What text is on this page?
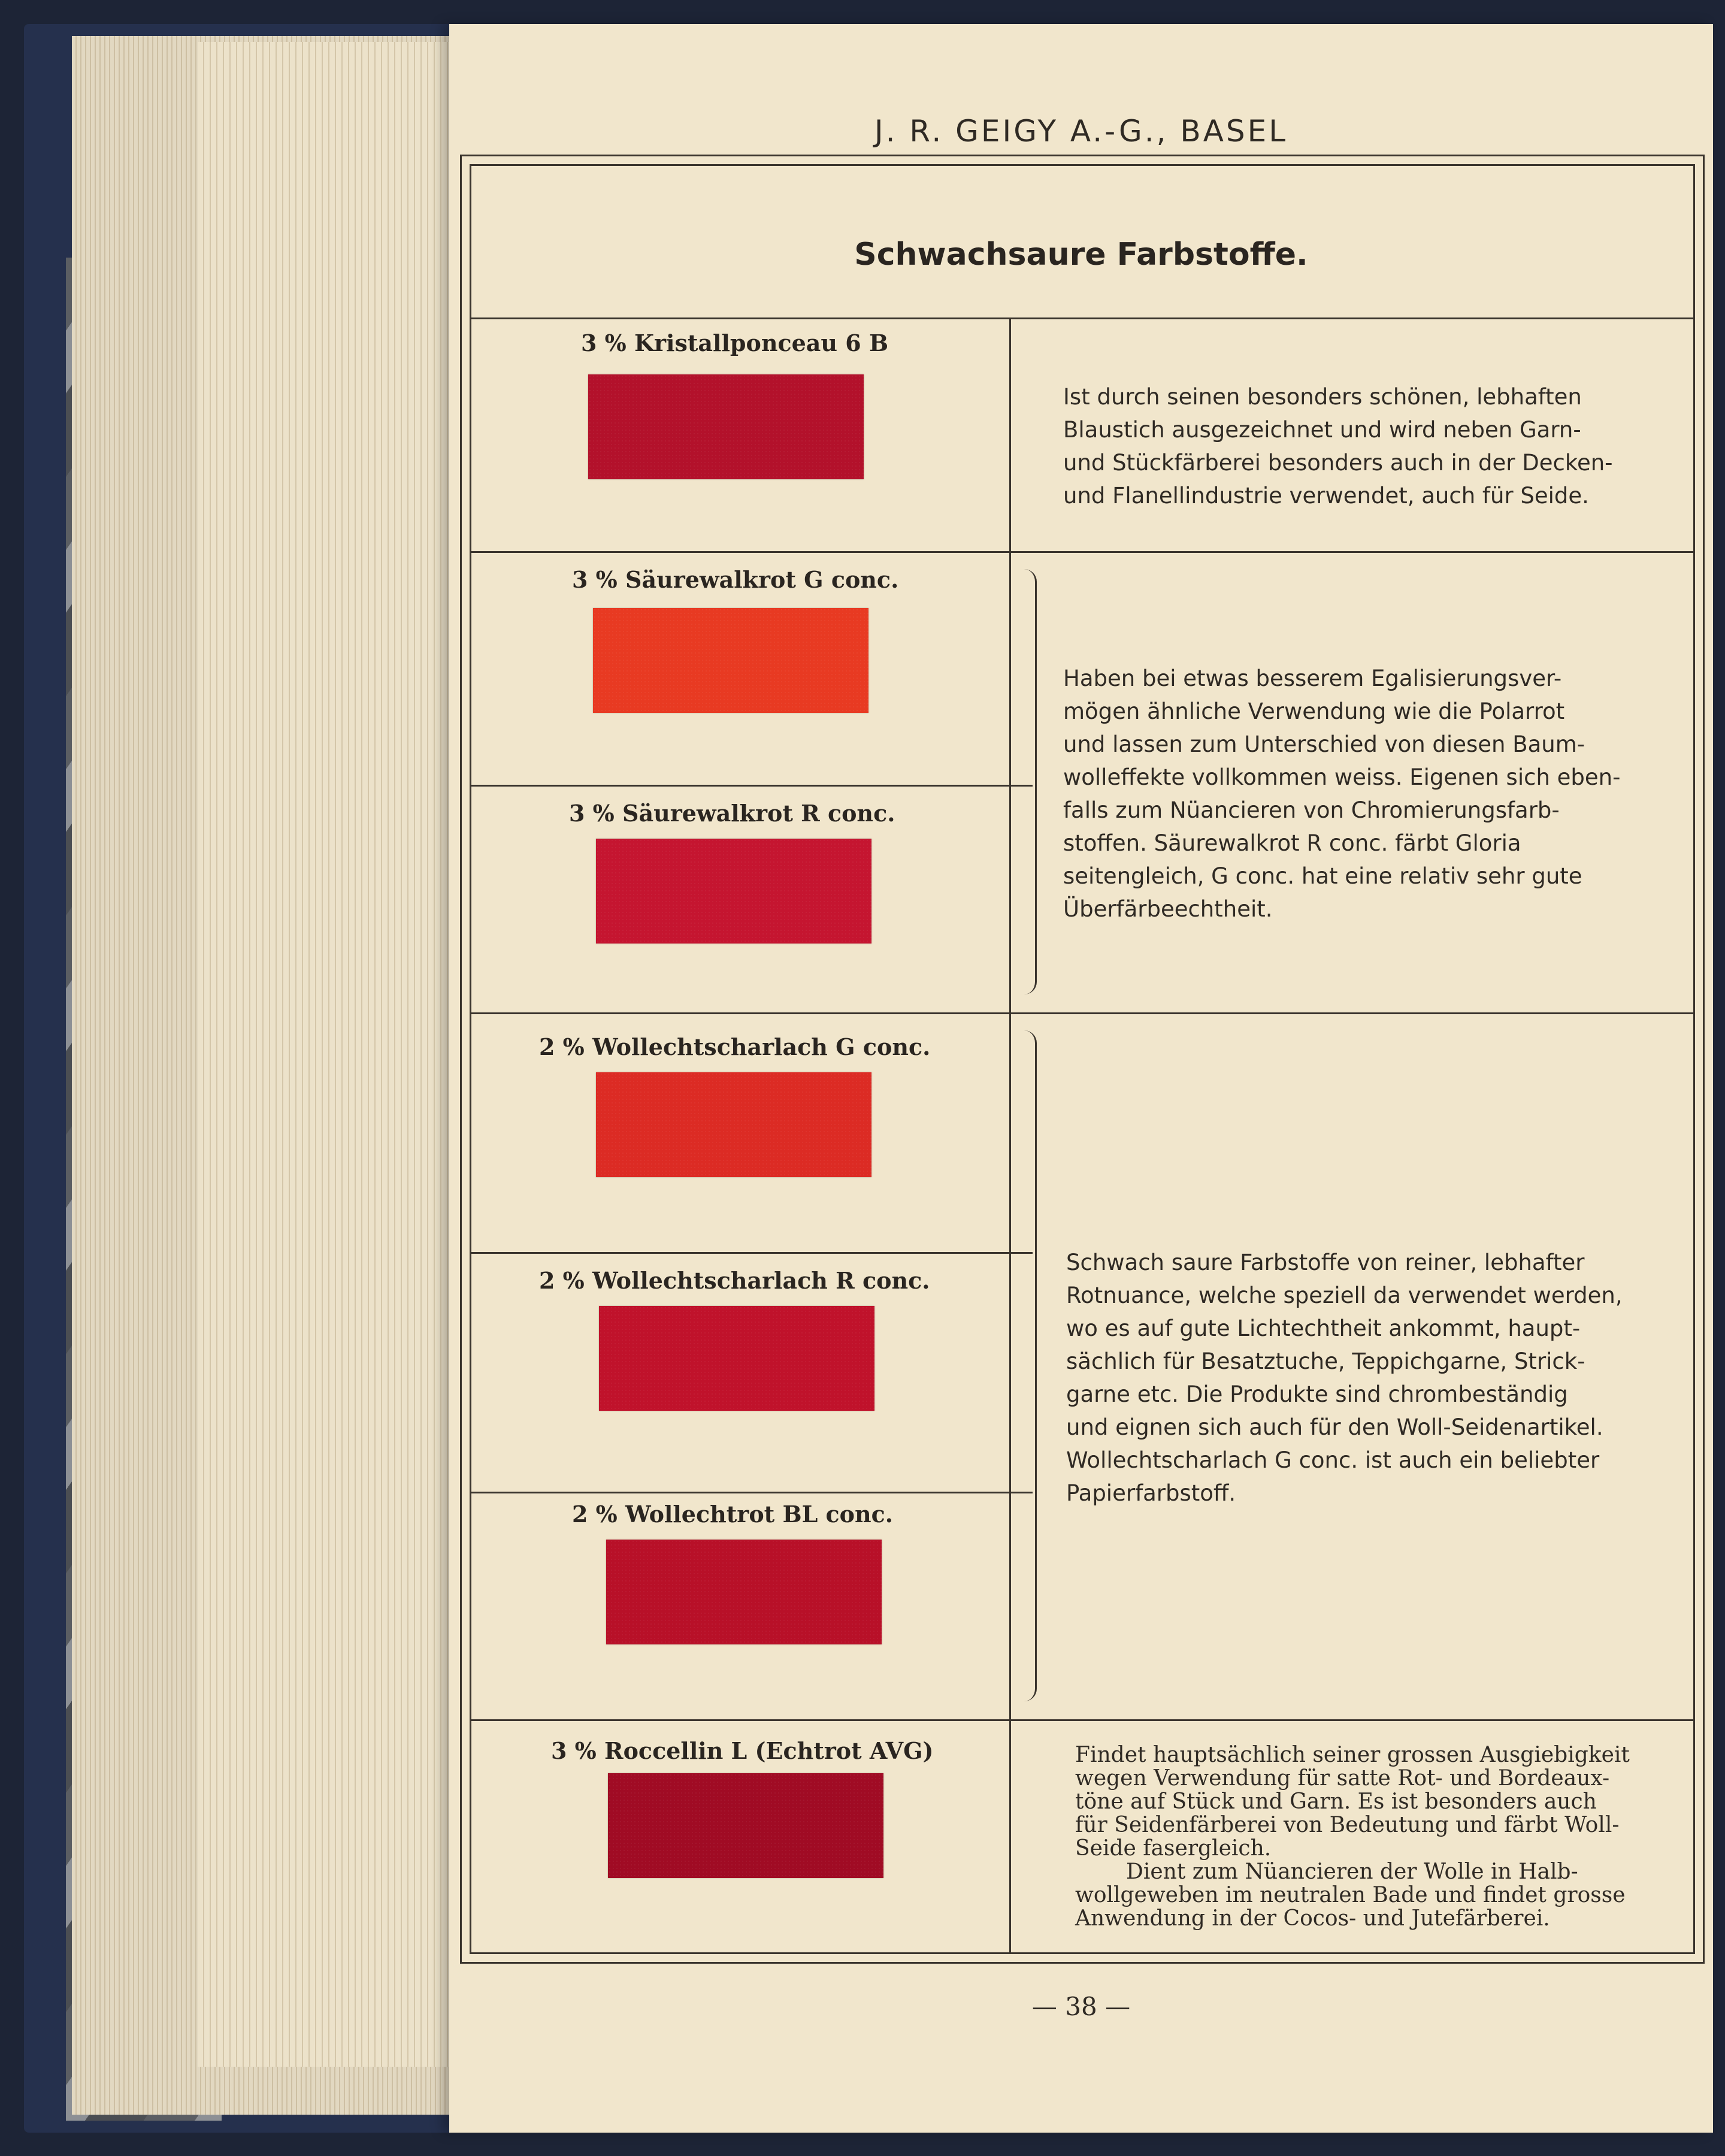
J. R. GEIGY A.-G., BASEL
Schwachsaure Farbstoffe.
3 % Kristallponceau 6 B
3 % Säurewalkrot G conc.
3 % Säurewalkrot R conc.
2 % Wollechtscharlach G conc.
2 % Wollechtscharlach R conc.
2 % Wollechtrot BL conc.
3 % Roccellin L (Echtrot AVG)
Ist durch seinen besonders schönen, lebhaften
Blaustich ausgezeichnet und wird neben Garn-
und Stückfärberei besonders auch in der Decken-
und Flanellindustrie verwendet, auch für Seide.
Haben bei etwas besserem Egalisierungsver-
mögen ähnliche Verwendung wie die Polarrot
und lassen zum Unterschied von diesen Baum-
wolleffekte vollkommen weiss. Eigenen sich eben-
falls zum Nüancieren von Chromierungsfarb-
stoffen. Säurewalkrot R conc. färbt Gloria
seitengleich, G conc. hat eine relativ sehr gute
Überfärbeechtheit.
Schwach saure Farbstoffe von reiner, lebhafter
Rotnuance, welche speziell da verwendet werden,
wo es auf gute Lichtechtheit ankommt, haupt-
sächlich für Besatztuche, Teppichgarne, Strick-
garne etc. Die Produkte sind chrombeständig
und eignen sich auch für den Woll-Seidenartikel.
Wollechtscharlach G conc. ist auch ein beliebter
Papierfarbstoff.
Findet hauptsächlich seiner grossen Ausgiebigkeit
wegen Verwendung für satte Rot- und Bordeaux-
töne auf Stück und Garn. Es ist besonders auch
für Seidenfärberei von Bedeutung und färbt Woll-
Seide fasergleich.
Dient zum Nüancieren der Wolle in Halb-
wollgeweben im neutralen Bade und findet grosse
Anwendung in der Cocos- und Jutefärberei.
— 38 —
